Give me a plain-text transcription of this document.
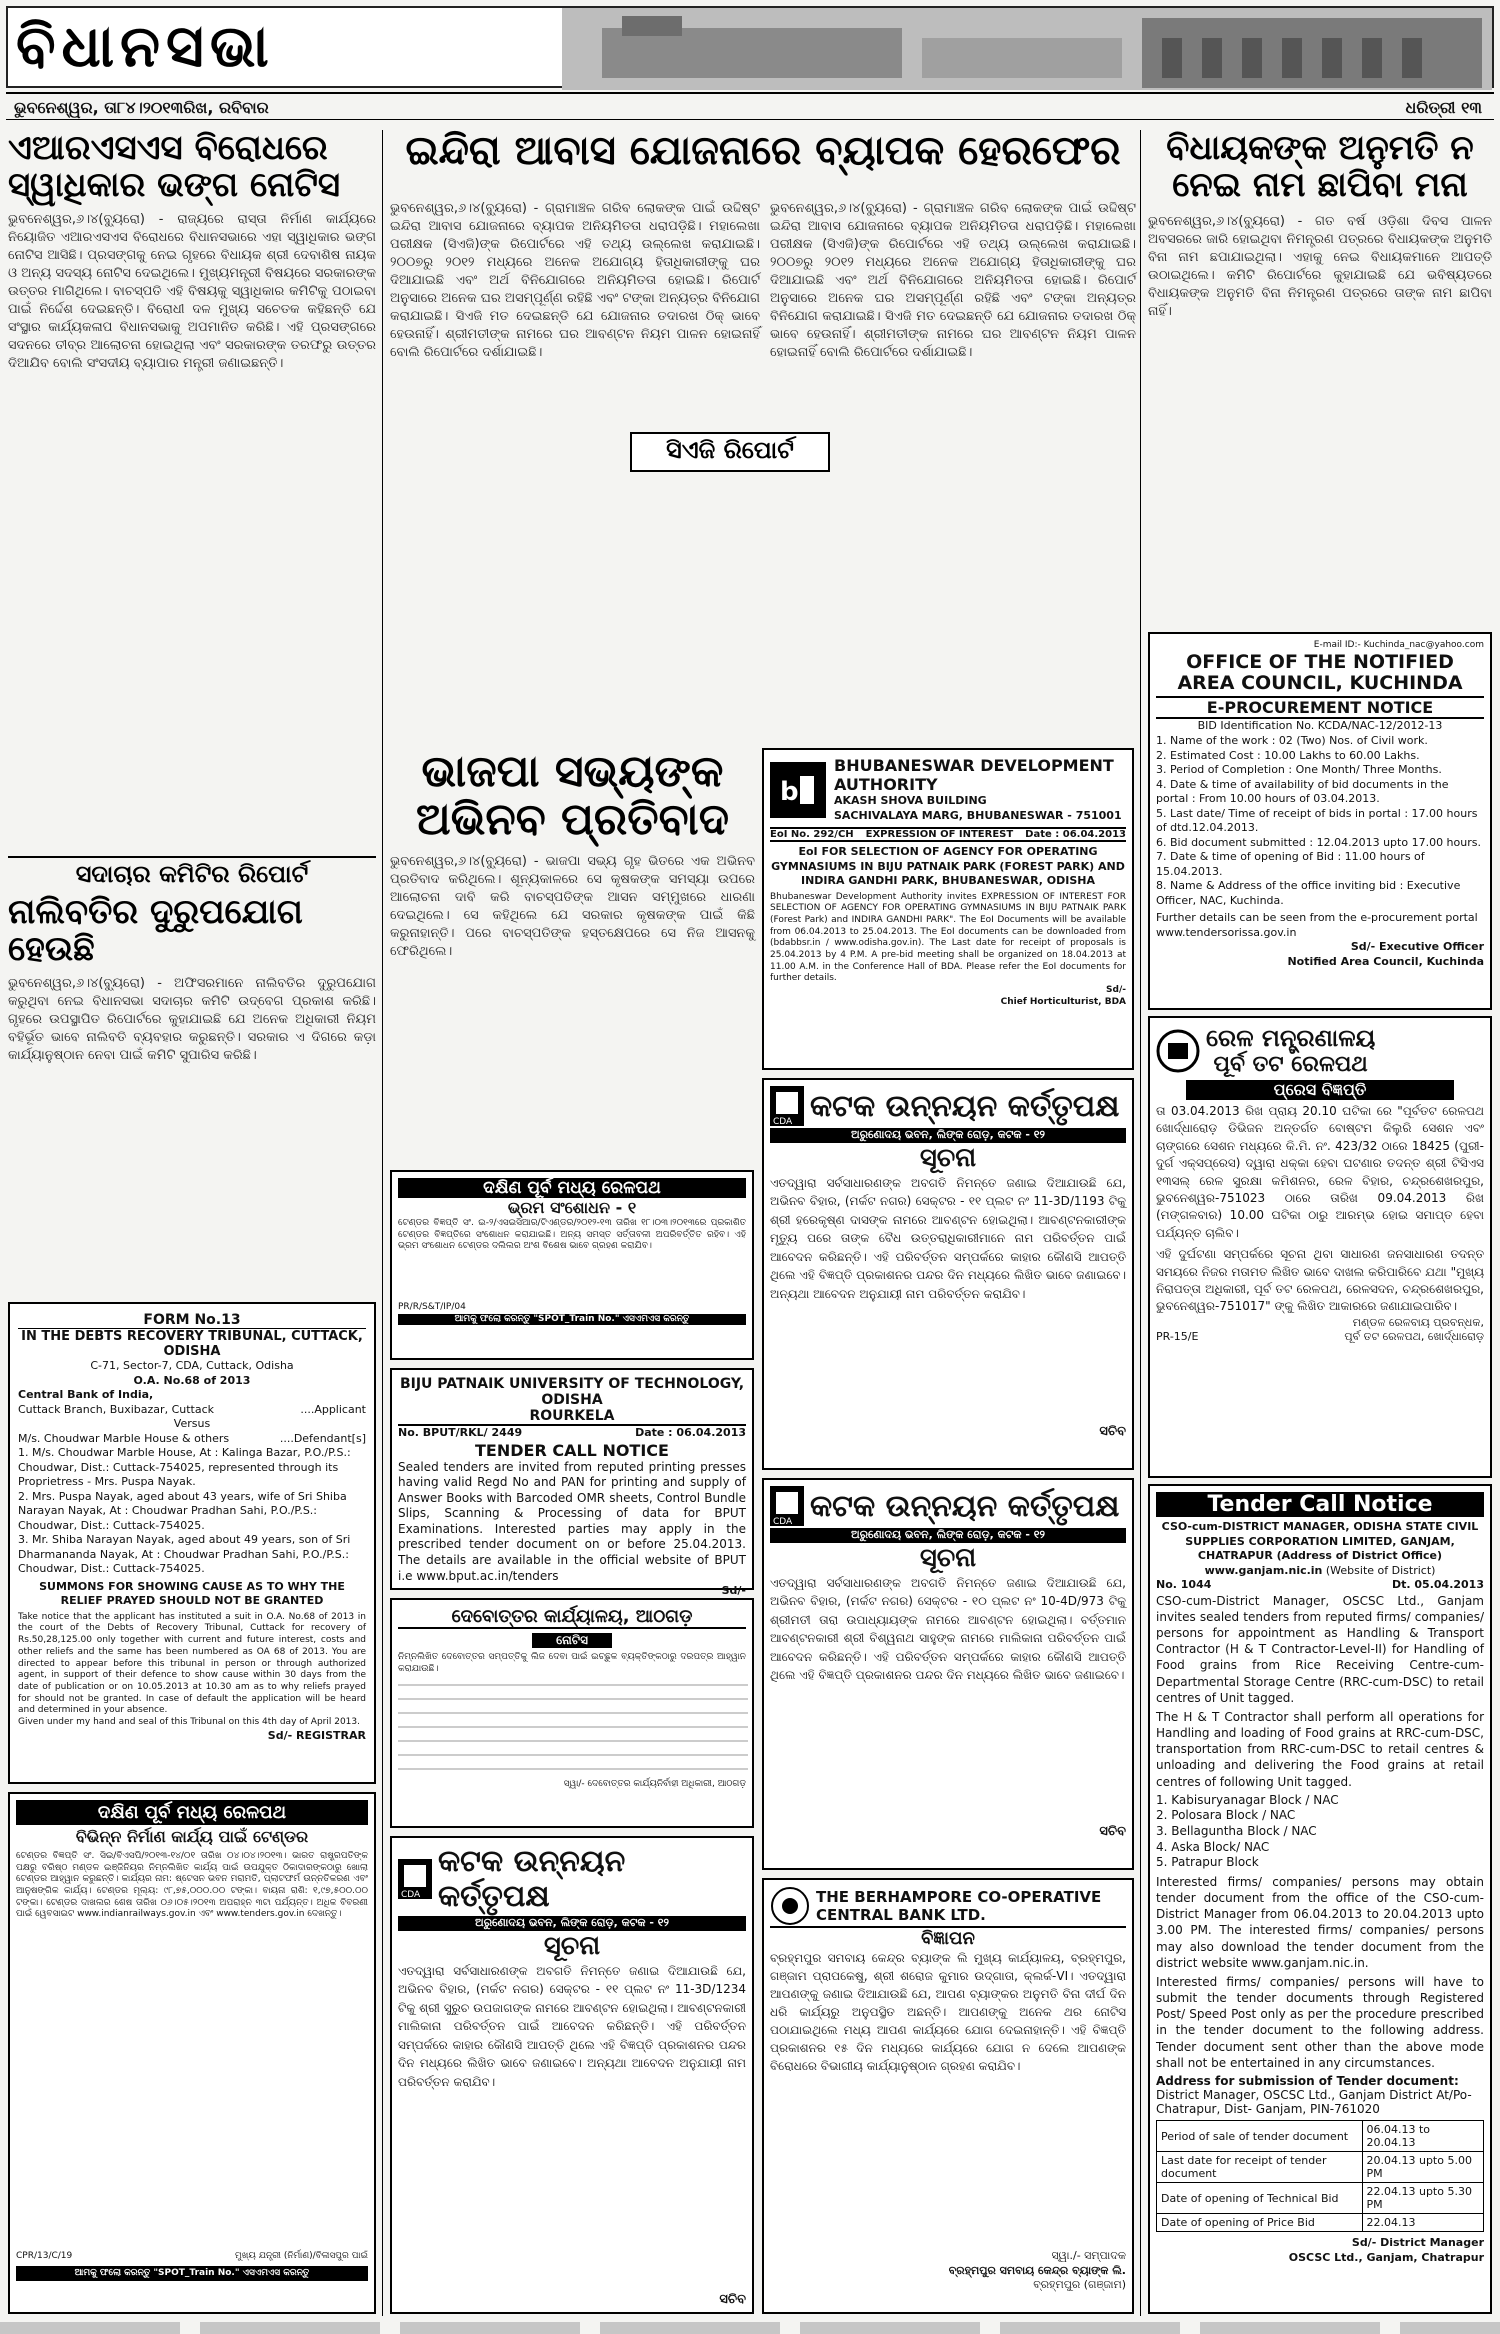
ବିଧାନସଭା
ଭୁବନେଶ୍ୱର, ତା୮୪।୨୦୧୩ରିଖ, ରବିବାର	ଧରିତ୍ରୀ ୧୩
ଏଆରଏସଏସ ବିରୋଧରେ ସ୍ୱାଧିକାର ଭଙ୍ଗ ନୋଟିସ
ଭୁବନେଶ୍ୱର,୬।୪(ବ୍ୟୁରୋ) - ରାଜ୍ୟରେ ରାସ୍ତା ନିର୍ମାଣ କାର୍ଯ୍ୟରେ ନିୟୋଜିତ ଏଆରଏସଏସ ବିରୋଧରେ ବିଧାନସଭାରେ ଏହା ସ୍ୱାଧିକାର ଭଙ୍ଗ ନୋଟିସ ଆସିଛି। ପ୍ରସଙ୍ଗକୁ ନେଇ ଗୃହରେ ବିଧାୟକ ଶ୍ରୀ ଦେବାଶିଷ ନାୟକ ଓ ଅନ୍ୟ ସଦସ୍ୟ ନୋଟିସ ଦେଇଥିଲେ। ମୁଖ୍ୟମନ୍ତ୍ରୀ ବିଷୟରେ ସରକାରଙ୍କ ଉତ୍ତର ମାଗିଥିଲେ। ବାଚସ୍ପତି ଏହି ବିଷୟକୁ ସ୍ୱାଧିକାର କମିଟିକୁ ପଠାଇବା ପାଇଁ ନିର୍ଦ୍ଦେଶ ଦେଇଛନ୍ତି। ବିରୋଧୀ ଦଳ ମୁଖ୍ୟ ସଚେତକ କହିଛନ୍ତି ଯେ ସଂସ୍ଥାର କାର୍ଯ୍ୟକଳାପ ବିଧାନସଭାକୁ ଅପମାନିତ କରିଛି। ଏହି ପ୍ରସଙ୍ଗରେ ସଦନରେ ତୀବ୍ର ଆଲୋଚନା ହୋଇଥିଲା ଏବଂ ସରକାରଙ୍କ ତରଫରୁ ଉତ୍ତର ଦିଆଯିବ ବୋଲି ସଂସଦୀୟ ବ୍ୟାପାର ମନ୍ତ୍ରୀ ଜଣାଇଛନ୍ତି।
ସଦାଚାର କମିଟିର ରିପୋର୍ଟ
ନାଲିବତିର ଦୁରୁପଯୋଗ ହେଉଛି
ଭୁବନେଶ୍ୱର,୬।୪(ବ୍ୟୁରୋ) - ଅଫିସରମାନେ ନାଲିବତିର ଦୁରୁପଯୋଗ କରୁଥିବା ନେଇ ବିଧାନସଭା ସଦାଚାର କମିଟି ଉଦ୍‌ବେଗ ପ୍ରକାଶ କରିଛି। ଗୃହରେ ଉପସ୍ଥାପିତ ରିପୋର୍ଟରେ କୁହାଯାଇଛି ଯେ ଅନେକ ଅଧିକାରୀ ନିୟମ ବହିର୍ଭୂତ ଭାବେ ନାଲିବତି ବ୍ୟବହାର କରୁଛନ୍ତି। ସରକାର ଏ ଦିଗରେ କଡ଼ା କାର୍ଯ୍ୟାନୁଷ୍ଠାନ ନେବା ପାଇଁ କମିଟି ସୁପାରିସ କରିଛି।
FORM No.13
IN THE DEBTS RECOVERY TRIBUNAL, CUTTACK, ODISHA
C-71, Sector-7, CDA, Cuttack, Odisha
O.A. No.68 of 2013
Central Bank of India,
Cuttack Branch, Buxibazar, Cuttack	....Applicant
Versus
M/s. Choudwar Marble House & others	....Defendant[s]
1. M/s. Choudwar Marble House, At : Kalinga Bazar, P.O./P.S.: Choudwar, Dist.: Cuttack-754025, represented through its Proprietress - Mrs. Puspa Nayak.
2. Mrs. Puspa Nayak, aged about 43 years, wife of Sri Shiba Narayan Nayak, At : Choudwar Pradhan Sahi, P.O./P.S.: Choudwar, Dist.: Cuttack-754025.
3. Mr. Shiba Narayan Nayak, aged about 49 years, son of Sri Dharmananda Nayak, At : Choudwar Pradhan Sahi, P.O./P.S.: Choudwar, Dist.: Cuttack-754025.
SUMMONS FOR SHOWING CAUSE AS TO WHY THE RELIEF PRAYED SHOULD NOT BE GRANTED
Take notice that the applicant has instituted a suit in O.A. No.68 of 2013 in the court of the Debts of Recovery Tribunal, Cuttack for recovery of Rs.50,28,125.00 only together with current and future interest, costs and other reliefs and the same has been numbered as OA 68 of 2013. You are directed to appear before this tribunal in person or through authorized agent, in support of their defence to show cause within 30 days from the date of publication or on 10.05.2013 at 10.30 am as to why reliefs prayed for should not be granted. In case of default the application will be heard and determined in your absence.
Given under my hand and seal of this Tribunal on this 4th day of April 2013.
Sd/- REGISTRAR
ଦକ୍ଷିଣ ପୂର୍ବ ମଧ୍ୟ ରେଳପଥ
ବିଭିନ୍ନ ନିର୍ମାଣ କାର୍ଯ୍ୟ ପାଇଁ ଟେଣ୍ଡର
ଟେଣ୍ଡର ବିଜ୍ଞପ୍ତି ସଂ. ସିଇ/ବିଏସପି/୨୦୧୩-୧୪/୦୧ ତାରିଖ ୦୪।୦୪।୨୦୧୩। ଭାରତ ରାଷ୍ଟ୍ରପତିଙ୍କ ପକ୍ଷରୁ ବରିଷ୍ଠ ମଣ୍ଡଳ ଇଞ୍ଜିନିୟର ନିମ୍ନଲିଖିତ କାର୍ଯ୍ୟ ପାଇଁ ଉପଯୁକ୍ତ ଠିକାଦାରଙ୍କଠାରୁ ଖୋଲା ଟେଣ୍ଡର ଆହ୍ୱାନ କରୁଛନ୍ତି। କାର୍ଯ୍ୟର ନାମ: ଷ୍ଟେସନ ଭବନ ମରାମତି, ପ୍ଲାଟଫର୍ମ ଉନ୍ନତିକରଣ ଏବଂ ଆନୁଷଙ୍ଗିକ କାର୍ଯ୍ୟ। ଟେଣ୍ଡର ମୂଲ୍ୟ: ୯୮,୭୫,୦୦୦.୦୦ ଟଙ୍କା। ବାୟନା ରାଶି: ୧,୯୭,୫୦୦.୦୦ ଟଙ୍କା। ଟେଣ୍ଡର ଦାଖଲର ଶେଷ ତାରିଖ ୦୬।୦୫।୨୦୧୩ ଅପରାହ୍ନ ୩ଟା ପର୍ଯ୍ୟନ୍ତ। ଅଧିକ ବିବରଣୀ ପାଇଁ ୱେବସାଇଟ www.indianrailways.gov.in ଏବଂ www.tenders.gov.in ଦେଖନ୍ତୁ।
CPR/13/C/19	ମୁଖ୍ୟ ଯନ୍ତ୍ରୀ (ନିର୍ମାଣ)/ବିଳାସପୁର ପାଇଁ
ଆମକୁ ଫଲୋ କରନ୍ତୁ "SPOT_Train No." ଏସଏମଏସ କରନ୍ତୁ
ଇନ୍ଦିରା ଆବାସ ଯୋଜନାରେ ବ୍ୟାପକ ହେରଫେର
ଭୁବନେଶ୍ୱର,୬।୪(ବ୍ୟୁରୋ) - ଗ୍ରାମାଞ୍ଚଳ ଗରିବ ଲୋକଙ୍କ ପାଇଁ ଉଦ୍ଦିଷ୍ଟ ଇନ୍ଦିରା ଆବାସ ଯୋଜନାରେ ବ୍ୟାପକ ଅନିୟମିତତା ଧରାପଡ଼ିଛି। ମହାଲେଖା ପରୀକ୍ଷକ (ସିଏଜି)ଙ୍କ ରିପୋର୍ଟରେ ଏହି ତଥ୍ୟ ଉଲ୍ଲେଖ କରାଯାଇଛି। ୨୦୦୭ରୁ ୨୦୧୨ ମଧ୍ୟରେ ଅନେକ ଅଯୋଗ୍ୟ ହିତାଧିକାରୀଙ୍କୁ ଘର ଦିଆଯାଇଛି ଏବଂ ଅର୍ଥ ବିନିଯୋଗରେ ଅନିୟମିତତା ହୋଇଛି। ରିପୋର୍ଟ ଅନୁସାରେ ଅନେକ ଘର ଅସମ୍ପୂର୍ଣ୍ଣ ରହିଛି ଏବଂ ଟଙ୍କା ଅନ୍ୟତ୍ର ବିନିଯୋଗ କରାଯାଇଛି। ସିଏଜି ମତ ଦେଇଛନ୍ତି ଯେ ଯୋଜନାର ତଦାରଖ ଠିକ୍ ଭାବେ ହେଉନାହିଁ। ଶ୍ରୀମତୀଙ୍କ ନାମରେ ଘର ଆବଣ୍ଟନ ନିୟମ ପାଳନ ହୋଇନାହିଁ ବୋଲି ରିପୋର୍ଟରେ ଦର୍ଶାଯାଇଛି।
ସିଏଜି ରିପୋର୍ଟ
ଭୁବନେଶ୍ୱର,୬।୪(ବ୍ୟୁରୋ) - ଗ୍ରାମାଞ୍ଚଳ ଗରିବ ଲୋକଙ୍କ ପାଇଁ ଉଦ୍ଦିଷ୍ଟ ଇନ୍ଦିରା ଆବାସ ଯୋଜନାରେ ବ୍ୟାପକ ଅନିୟମିତତା ଧରାପଡ଼ିଛି। ମହାଲେଖା ପରୀକ୍ଷକ (ସିଏଜି)ଙ୍କ ରିପୋର୍ଟରେ ଏହି ତଥ୍ୟ ଉଲ୍ଲେଖ କରାଯାଇଛି। ୨୦୦୭ରୁ ୨୦୧୨ ମଧ୍ୟରେ ଅନେକ ଅଯୋଗ୍ୟ ହିତାଧିକାରୀଙ୍କୁ ଘର ଦିଆଯାଇଛି ଏବଂ ଅର୍ଥ ବିନିଯୋଗରେ ଅନିୟମିତତା ହୋଇଛି। ରିପୋର୍ଟ ଅନୁସାରେ ଅନେକ ଘର ଅସମ୍ପୂର୍ଣ୍ଣ ରହିଛି ଏବଂ ଟଙ୍କା ଅନ୍ୟତ୍ର ବିନିଯୋଗ କରାଯାଇଛି। ସିଏଜି ମତ ଦେଇଛନ୍ତି ଯେ ଯୋଜନାର ତଦାରଖ ଠିକ୍ ଭାବେ ହେଉନାହିଁ। ଶ୍ରୀମତୀଙ୍କ ନାମରେ ଘର ଆବଣ୍ଟନ ନିୟମ ପାଳନ ହୋଇନାହିଁ ବୋଲି ରିପୋର୍ଟରେ ଦର୍ଶାଯାଇଛି।
ଭାଜପା ସଭ୍ୟଙ୍କ ଅଭିନବ ପ୍ରତିବାଦ
ଭୁବନେଶ୍ୱର,୬।୪(ବ୍ୟୁରୋ) - ଭାଜପା ସଭ୍ୟ ଗୃହ ଭିତରେ ଏକ ଅଭିନବ ପ୍ରତିବାଦ କରିଥିଲେ। ଶୂନ୍ୟକାଳରେ ସେ କୃଷକଙ୍କ ସମସ୍ୟା ଉପରେ ଆଲୋଚନା ଦାବି କରି ବାଚସ୍ପତିଙ୍କ ଆସନ ସମ୍ମୁଖରେ ଧାରଣା ଦେଇଥିଲେ। ସେ କହିଥିଲେ ଯେ ସରକାର କୃଷକଙ୍କ ପାଇଁ କିଛି କରୁନାହାନ୍ତି। ପରେ ବାଚସ୍ପତିଙ୍କ ହସ୍ତକ୍ଷେପରେ ସେ ନିଜ ଆସନକୁ ଫେରିଥିଲେ।
b
BHUBANESWAR DEVELOPMENT AUTHORITY
AKASH SHOVA BUILDING
SACHIVALAYA MARG, BHUBANESWAR - 751001
EoI No. 292/CH EXPRESSION OF INTEREST Date : 06.04.2013
EoI FOR SELECTION OF AGENCY FOR OPERATING GYMNASIUMS IN BIJU PATNAIK PARK (FOREST PARK) AND INDIRA GANDHI PARK, BHUBANESWAR, ODISHA
Bhubaneswar Development Authority invites EXPRESSION OF INTEREST FOR SELECTION OF AGENCY FOR OPERATING GYMNASIUMS IN BIJU PATNAIK PARK (Forest Park) and INDIRA GANDHI PARK". The EoI Documents will be available from 06.04.2013 to 25.04.2013. The EoI documents can be downloaded from (bdabbsr.in / www.odisha.gov.in). The Last date for receipt of proposals is 25.04.2013 by 4 P.M. A pre-bid meeting shall be organized on 18.04.2013 at 11.00 A.M. in the Conference Hall of BDA. Please refer the EoI documents for further details.
Sd/-
Chief Horticulturist, BDA
ଦକ୍ଷିଣ ପୂର୍ବ ମଧ୍ୟ ରେଳପଥ
ଭ୍ରମ ସଂଶୋଧନ - ୧
ଟେଣ୍ଡର ବିଜ୍ଞପ୍ତି ସଂ. ଇ-୨/ଏସଇସିଆର/ଟିଏଣ୍ଡର/୨୦୧୨-୧୩ ତାରିଖ ୧୮।୦୩।୨୦୧୩ରେ ପ୍ରକାଶିତ ଟେଣ୍ଡର ବିଜ୍ଞପ୍ତିରେ ସଂଶୋଧନ କରାଯାଇଛି। ଅନ୍ୟ ସମସ୍ତ ସର୍ତ୍ତାବଳୀ ଅପରିବର୍ତ୍ତିତ ରହିବ। ଏହି ଭ୍ରମ ସଂଶୋଧନ ଟେଣ୍ଡର ଦଲିଲର ଅଂଶ ବିଶେଷ ଭାବେ ଗ୍ରହଣ କରାଯିବ।
PR/R/S&T/IP/04
ଆମକୁ ଫଲୋ କରନ୍ତୁ "SPOT_Train No." ଏସଏମଏସ କରନ୍ତୁ
BIJU PATNAIK UNIVERSITY OF TECHNOLOGY, ODISHA
ROURKELA
No. BPUT/RKL/ 2449	Date : 06.04.2013
TENDER CALL NOTICE
Sealed tenders are invited from reputed printing presses having valid Regd No and PAN for printing and supply of Answer Books with Barcoded OMR sheets, Control Bundle Slips, Scanning & Processing of data for BPUT Examinations. Interested parties may apply in the prescribed tender document on or before 25.04.2013. The details are available in the official website of BPUT i.e www.bput.ac.in/tenders
Sd/-
ଦେବୋତ୍ତର କାର୍ଯ୍ୟାଳୟ, ଆଠଗଡ଼
ନୋଟିସ
ନିମ୍ନଲିଖିତ ଦେବୋତ୍ତର ସମ୍ପତ୍ତିକୁ ଲିଜ ଦେବା ପାଇଁ ଇଚ୍ଛୁକ ବ୍ୟକ୍ତିଙ୍କଠାରୁ ଦରପତ୍ର ଆହ୍ୱାନ କରାଯାଉଛି।
ସ୍ୱା/- ଦେବୋତ୍ତର କାର୍ଯ୍ୟନିର୍ବାହୀ ଅଧିକାରୀ, ଆଠଗଡ଼
CDA
କଟକ ଉନ୍ନୟନ କର୍ତ୍ତୃପକ୍ଷ
ଅରୁଣୋଦୟ ଭବନ, ଲିଙ୍କ ରୋଡ଼, କଟକ - ୧୨
ସୂଚନା
ଏତଦ୍ୱାରା ସର୍ବସାଧାରଣଙ୍କ ଅବଗତି ନିମନ୍ତେ ଜଣାଇ ଦିଆଯାଉଛି ଯେ, ଅଭିନବ ବିହାର, (ମର୍କଟ ନଗର) ସେକ୍ଟର - ୧୧ ପ୍ଲଟ ନଂ 11-3D/1234 ଟିକୁ ଶ୍ରୀ ସୁରୁଚ ଉପଜାଗଙ୍କ ନାମରେ ଆବଣ୍ଟନ ହୋଇଥିଲା। ଆବଣ୍ଟନକାରୀ ମାଲିକାନା ପରିବର୍ତ୍ତନ ପାଇଁ ଆବେଦନ କରିଛନ୍ତି। ଏହି ପରିବର୍ତ୍ତନ ସମ୍ପର୍କରେ କାହାର କୌଣସି ଆପତ୍ତି ଥିଲେ ଏହି ବିଜ୍ଞପ୍ତି ପ୍ରକାଶନର ପନ୍ଦର ଦିନ ମଧ୍ୟରେ ଲିଖିତ ଭାବେ ଜଣାଇବେ। ଅନ୍ୟଥା ଆବେଦନ ଅନୁଯାୟୀ ନାମ ପରିବର୍ତ୍ତନ କରାଯିବ।
ସଚିବ
CDA କଟକ ଉନ୍ନୟନ କର୍ତ୍ତୃପକ୍ଷ
ଅରୁଣୋଦୟ ଭବନ, ଲିଙ୍କ ରୋଡ଼, କଟକ - ୧୨
ସୂଚନା
ଏତଦ୍ୱାରା ସର୍ବସାଧାରଣଙ୍କ ଅବଗତି ନିମନ୍ତେ ଜଣାଇ ଦିଆଯାଉଛି ଯେ, ଅଭିନବ ବିହାର, (ମର୍କଟ ନଗର) ସେକ୍ଟର - ୧୧ ପ୍ଲଟ ନଂ 11-3D/1193 ଟିକୁ ଶ୍ରୀ ହରେକୃଷ୍ଣ ଦାସଙ୍କ ନାମରେ ଆବଣ୍ଟନ ହୋଇଥିଲା। ଆବଣ୍ଟନକାରୀଙ୍କ ମୃତ୍ୟୁ ପରେ ତାଙ୍କ ବୈଧ ଉତ୍ତରାଧିକାରୀମାନେ ନାମ ପରିବର୍ତ୍ତନ ପାଇଁ ଆବେଦନ କରିଛନ୍ତି। ଏହି ପରିବର୍ତ୍ତନ ସମ୍ପର୍କରେ କାହାର କୌଣସି ଆପତ୍ତି ଥିଲେ ଏହି ବିଜ୍ଞପ୍ତି ପ୍ରକାଶନର ପନ୍ଦର ଦିନ ମଧ୍ୟରେ ଲିଖିତ ଭାବେ ଜଣାଇବେ। ଅନ୍ୟଥା ଆବେଦନ ଅନୁଯାୟୀ ନାମ ପରିବର୍ତ୍ତନ କରାଯିବ।
ସଚିବ
CDA କଟକ ଉନ୍ନୟନ କର୍ତ୍ତୃପକ୍ଷ
ଅରୁଣୋଦୟ ଭବନ, ଲିଙ୍କ ରୋଡ଼, କଟକ - ୧୨
ସୂଚନା
ଏତଦ୍ୱାରା ସର୍ବସାଧାରଣଙ୍କ ଅବଗତି ନିମନ୍ତେ ଜଣାଇ ଦିଆଯାଉଛି ଯେ, ଅଭିନବ ବିହାର, (ମର୍କଟ ନଗର) ସେକ୍ଟର - ୧୦ ପ୍ଲଟ ନଂ 10-4D/973 ଟିକୁ ଶ୍ରୀମତୀ ତାରା ଉପାଧ୍ୟାୟଙ୍କ ନାମରେ ଆବଣ୍ଟନ ହୋଇଥିଲା। ବର୍ତ୍ତମାନ ଆବଣ୍ଟନକାରୀ ଶ୍ରୀ ବିଶ୍ୱନାଥ ସାହୁଙ୍କ ନାମରେ ମାଲିକାନା ପରିବର୍ତ୍ତନ ପାଇଁ ଆବେଦନ କରିଛନ୍ତି। ଏହି ପରିବର୍ତ୍ତନ ସମ୍ପର୍କରେ କାହାର କୌଣସି ଆପତ୍ତି ଥିଲେ ଏହି ବିଜ୍ଞପ୍ତି ପ୍ରକାଶନର ପନ୍ଦର ଦିନ ମଧ୍ୟରେ ଲିଖିତ ଭାବେ ଜଣାଇବେ।
ସଚିବ
THE BERHAMPORE CO-OPERATIVE CENTRAL BANK LTD.
ବିଜ୍ଞାପନ
ବ୍ରହ୍ମପୁର ସମବାୟ କେନ୍ଦ୍ର ବ୍ୟାଙ୍କ ଲି ମୁଖ୍ୟ କାର୍ଯ୍ୟାଳୟ, ବ୍ରହ୍ମପୁର, ଗଞ୍ଜାମ ପ୍ରାପକେଷୁ, ଶ୍ରୀ ଶରୋଜ କୁମାର ଉଦ୍ଗାତା, କ୍ଲର୍କ-VI। ଏତଦ୍ୱାରା ଆପଣଙ୍କୁ ଜଣାଇ ଦିଆଯାଉଛି ଯେ, ଆପଣ ବ୍ୟାଙ୍କର ଅନୁମତି ବିନା ଦୀର୍ଘ ଦିନ ଧରି କାର୍ଯ୍ୟରୁ ଅନୁପସ୍ଥିତ ଅଛନ୍ତି। ଆପଣଙ୍କୁ ଅନେକ ଥର ନୋଟିସ ପଠାଯାଇଥିଲେ ମଧ୍ୟ ଆପଣ କାର୍ଯ୍ୟରେ ଯୋଗ ଦେଇନାହାନ୍ତି। ଏହି ବିଜ୍ଞପ୍ତି ପ୍ରକାଶନର ୧୫ ଦିନ ମଧ୍ୟରେ କାର୍ଯ୍ୟରେ ଯୋଗ ନ ଦେଲେ ଆପଣଙ୍କ ବିରୋଧରେ ବିଭାଗୀୟ କାର୍ଯ୍ୟାନୁଷ୍ଠାନ ଗ୍ରହଣ କରାଯିବ।
ସ୍ୱା./- ସମ୍ପାଦକ
ବ୍ରହ୍ମପୁର ସମବାୟ କେନ୍ଦ୍ର ବ୍ୟାଙ୍କ ଲି.
ବ୍ରହ୍ମପୁର (ଗଞ୍ଜାମ)
ବିଧାୟକଙ୍କ ଅନୁମତି ନ ନେଇ ନାମ ଛାପିବା ମନା
ଭୁବନେଶ୍ୱର,୬।୪(ବ୍ୟୁରୋ) - ଗତ ବର୍ଷ ଓଡ଼ିଶା ଦିବସ ପାଳନ ଅବସରରେ ଜାରି ହୋଇଥିବା ନିମନ୍ତ୍ରଣ ପତ୍ରରେ ବିଧାୟକଙ୍କ ଅନୁମତି ବିନା ନାମ ଛପାଯାଇଥିଲା। ଏହାକୁ ନେଇ ବିଧାୟକମାନେ ଆପତ୍ତି ଉଠାଇଥିଲେ। କମିଟି ରିପୋର୍ଟରେ କୁହାଯାଇଛି ଯେ ଭବିଷ୍ୟତରେ ବିଧାୟକଙ୍କ ଅନୁମତି ବିନା ନିମନ୍ତ୍ରଣ ପତ୍ରରେ ତାଙ୍କ ନାମ ଛାପିବା ନାହିଁ।
E-mail ID:- Kuchinda_nac@yahoo.com
OFFICE OF THE NOTIFIED AREA COUNCIL, KUCHINDA
E-PROCUREMENT NOTICE
BID Identification No. KCDA/NAC-12/2012-13
1. Name of the work : 02 (Two) Nos. of Civil work.
2. Estimated Cost : 10.00 Lakhs to 60.00 Lakhs.
3. Period of Completion : One Month/ Three Months.
4. Date & time of availability of bid documents in the portal : From 10.00 hours of 03.04.2013.
5. Last date/ Time of receipt of bids in portal : 17.00 hours of dtd.12.04.2013.
6. Bid document submitted : 12.04.2013 upto 17.00 hours.
7. Date & time of opening of Bid : 11.00 hours of 15.04.2013.
8. Name & Address of the office inviting bid : Executive Officer, NAC, Kuchinda.
Further details can be seen from the e-procurement portal www.tendersorissa.gov.in
Sd/- Executive Officer
Notified Area Council, Kuchinda
ରେଳ ମନ୍ତ୍ରଣାଳୟ
ପୂର୍ବ ତଟ ରେଳପଥ
ପ୍ରେସ ବିଜ୍ଞପ୍ତି
ତା 03.04.2013 ରିଖ ପ୍ରାୟ 20.10 ଘଟିକା ରେ "ପୂର୍ବତଟ ରେଳପଥ ଖୋର୍ଦ୍ଧାରୋଡ଼ ଡିଭିଜନ ଅନ୍ତର୍ଗତ ବୋଷ୍ଟମ କିଲୁରି ସେଶନ ଏବଂ ଚାଙ୍ଗରେ ସେଶନ ମଧ୍ୟରେ କି.ମି. ନଂ. 423/32 ଠାରେ 18425 (ପୁରୀ-ଦୁର୍ଗ ଏକ୍ସପ୍ରେସ) ଦ୍ୱାରା ଧକ୍କା ହେବା ଘଟଣାର ତଦନ୍ତ ଶ୍ରୀ ଟିସିଏସ ୧୩ସଲ୍ ରେଳ ସୁରକ୍ଷା କମିଶନର, ରେଳ ବିହାର, ଚନ୍ଦ୍ରଶେଖରପୁର, ଭୁବନେଶ୍ୱର-751023 ଠାରେ ତାରିଖ 09.04.2013 ରିଖ (ମଙ୍ଗଳବାର) 10.00 ଘଟିକା ଠାରୁ ଆରମ୍ଭ ହୋଇ ସମାପ୍ତ ହେବା ପର୍ଯ୍ୟନ୍ତ ଚାଲିବ।
ଏହି ଦୁର୍ଘଟଣା ସମ୍ପର୍କରେ ସୂଚନା ଥିବା ସାଧାରଣ ଜନସାଧାରଣ ତଦନ୍ତ ସମୟରେ ନିଜର ମତାମତ ଲିଖିତ ଭାବେ ଦାଖଲ କରିପାରିବେ ଯଥା "ମୁଖ୍ୟ ନିରାପତ୍ତା ଅଧିକାରୀ, ପୂର୍ବ ତଟ ରେଳପଥ, ରେଳସଦନ, ଚନ୍ଦ୍ରଶେଖରପୁର, ଭୁବନେଶ୍ୱର-751017" ଙ୍କୁ ଲିଖିତ ଆକାରରେ ଜଣାଯାଇପାରିବ।
ମଣ୍ଡଳ ରେଳବାୟ ପ୍ରବନ୍ଧକ,
PR-15/E	ପୂର୍ବ ତଟ ରେଳପଥ, ଖୋର୍ଦ୍ଧାରୋଡ଼
Tender Call Notice
CSO-cum-DISTRICT MANAGER, ODISHA STATE CIVIL SUPPLIES CORPORATION LIMITED, GANJAM, CHATRAPUR (Address of District Office)
www.ganjam.nic.in (Website of District)
No. 1044	Dt. 05.04.2013
CSO-cum-District Manager, OSCSC Ltd., Ganjam invites sealed tenders from reputed firms/ companies/ persons for appointment as Handling & Transport Contractor (H & T Contractor-Level-II) for Handling of Food grains from Rice Receiving Centre-cum-Departmental Storage Centre (RRC-cum-DSC) to retail centres of Unit tagged.
The H & T Contractor shall perform all operations for Handling and loading of Food grains at RRC-cum-DSC, transportation from RRC-cum-DSC to retail centres & unloading and delivering the Food grains at retail centres of following Unit tagged.
1. Kabisuryanagar Block / NAC
2. Polosara Block / NAC
3. Bellaguntha Block / NAC
4. Aska Block/ NAC
5. Patrapur Block
Interested firms/ companies/ persons may obtain tender document from the office of the CSO-cum-District Manager from 06.04.2013 to 20.04.2013 upto 3.00 PM. The interested firms/ companies/ persons may also download the tender document from the district website www.ganjam.nic.in.
Interested firms/ companies/ persons will have to submit the tender documents through Registered Post/ Speed Post only as per the procedure prescribed in the tender document to the following address. Tender document sent other than the above mode shall not be entertained in any circumstances.
Address for submission of Tender document:
District Manager, OSCSC Ltd., Ganjam District At/Po- Chatrapur, Dist- Ganjam, PIN-761020
Period of sale of tender document	06.04.13 to 20.04.13
Last date for receipt of tender document	20.04.13 upto 5.00 PM
Date of opening of Technical Bid	22.04.13 upto 5.30 PM
Date of opening of Price Bid	22.04.13
Sd/- District Manager
OSCSC Ltd., Ganjam, Chatrapur
